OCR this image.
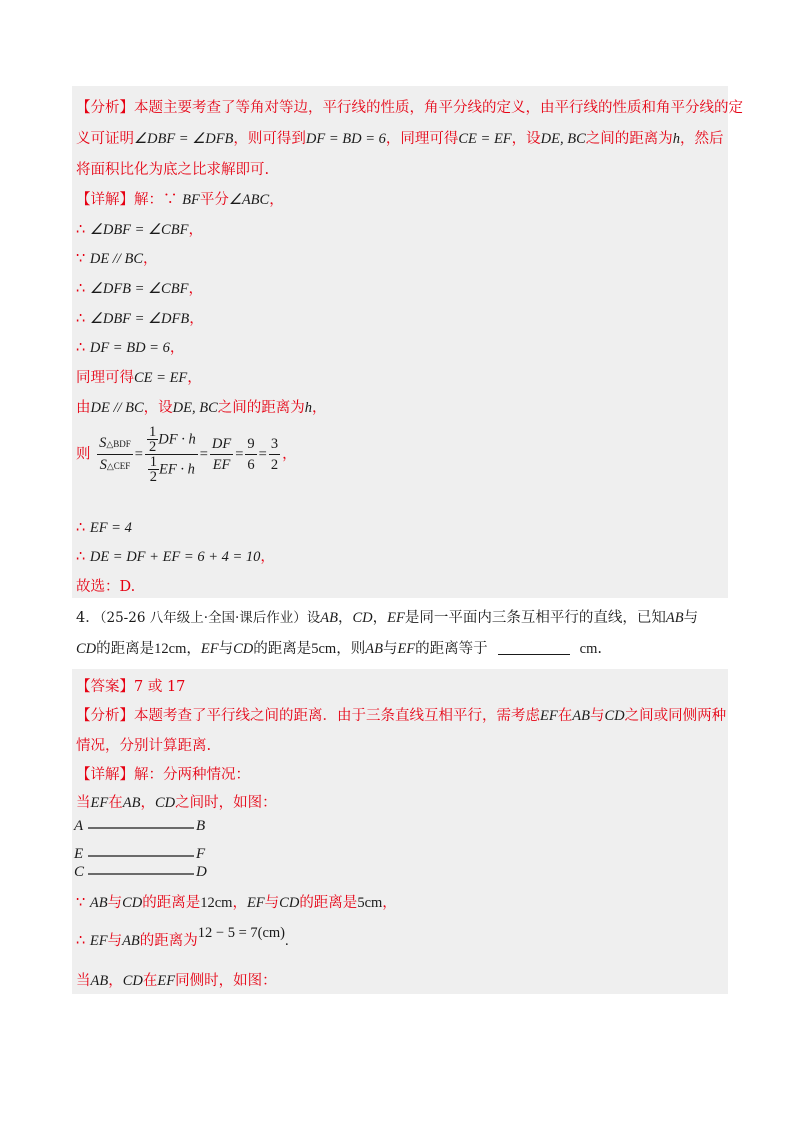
【分析】本题主要考查了等角对等边，平行线的性质，角平分线的定义，由平行线的性质和角平分线的定
义可证明∠DBF = ∠DFB，则可得到DF = BD = 6，同理可得CE = EF，设DE, BC之间的距离为h，然后
将面积比化为底之比求解即可.
【详解】解：∵ BF平分∠ABC，
∴ ∠DBF = ∠CBF，
∵ DE // BC，
∴ ∠DFB = ∠CBF，
∴ ∠DBF = ∠DFB，
∴ DF = BD = 6，
同理可得CE = EF，
由DE // BC，设DE, BC之间的距离为h，
则 $\frac{\text{S△BDF}}{\text{S△CEF}} = \frac{\frac{1}{2} DF \cdot h}{\frac{1}{2} EF \cdot h} = \frac{DF}{EF} = \frac{9}{6} = \frac{3}{2}$ ，
∴ EF = 4
∴ DE = DF + EF = 6 + 4 = 10，
故选：D.
4．（25-26 八年级上·全国·课后作业）设AB，CD，EF是同一平面内三条互相平行的直线，已知AB与
CD的距离是12cm，EF与CD的距离是5cm，则AB与EF的距离等于	cm.
【答案】7 或 17
【分析】本题考查了平行线之间的距离．由于三条直线互相平行，需考虑EF在AB与CD之间或同侧两种
情况，分别计算距离.
【详解】解：分两种情况：
当EF在AB，CD之间时，如图：
A	B
E	F
C	D
∵ AB与CD的距离是12cm，EF与CD的距离是5cm，
∴ EF与AB的距离为12 − 5 = 7(cm).
当AB，CD在EF同侧时，如图：
